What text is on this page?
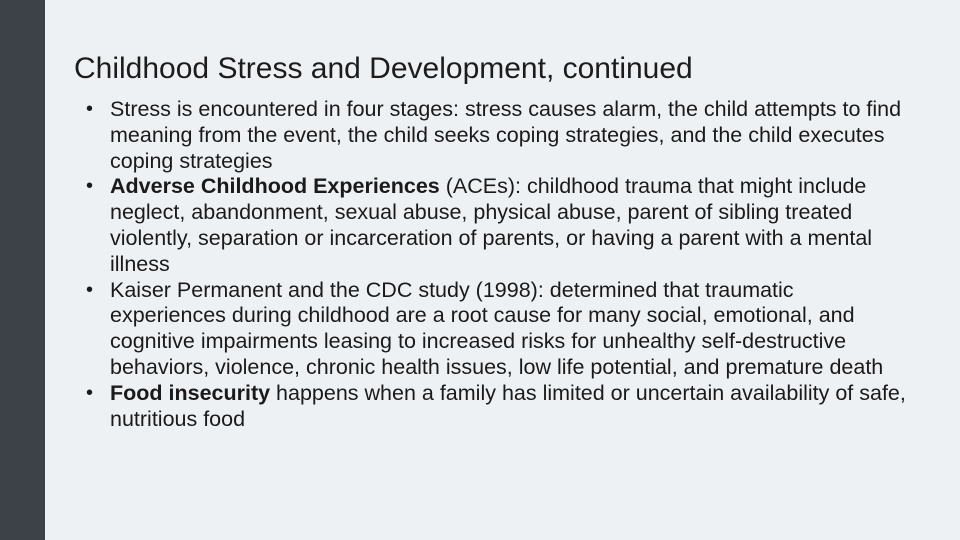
Childhood Stress and Development, continued
• Stress is encountered in four stages: stress causes alarm, the child attempts to find meaning from the event, the child seeks coping strategies, and the child executes coping strategies
• Adverse Childhood Experiences (ACEs): childhood trauma that might include neglect, abandonment, sexual abuse, physical abuse, parent of sibling treated violently, separation or incarceration of parents, or having a parent with a mental illness
• Kaiser Permanent and the CDC study (1998): determined that traumatic experiences during childhood are a root cause for many social, emotional, and cognitive impairments leasing to increased risks for unhealthy self-destructive behaviors, violence, chronic health issues, low life potential, and premature death
• Food insecurity happens when a family has limited or uncertain availability of safe, nutritious food
